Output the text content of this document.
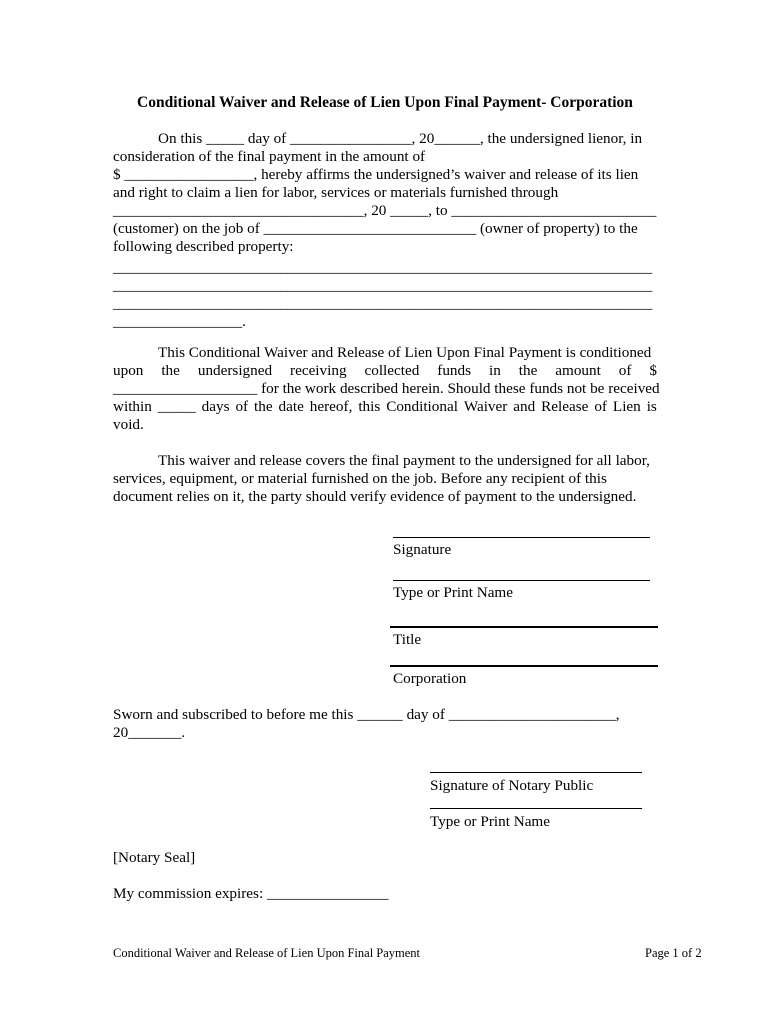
Conditional Waiver and Release of Lien Upon Final Payment- Corporation
On this _____ day of ________________, 20______, the undersigned lienor, in
consideration of the final payment in the amount of
$ _________________, hereby affirms the undersigned’s waiver and release of its lien
and right to claim a lien for labor, services or materials furnished through
_________________________________, 20 _____, to ___________________________
(customer) on the job of ____________________________ (owner of property) to the
following described property:
_______________________________________________________________________
_______________________________________________________________________
_______________________________________________________________________
_________________.
This Conditional Waiver and Release of Lien Upon Final Payment is conditioned
upon the undersigned receiving collected funds in the amount of $
___________________ for the work described herein. Should these funds not be received
within _____ days of the date hereof, this Conditional Waiver and Release of Lien is
void.
This waiver and release covers the final payment to the undersigned for all labor,
services, equipment, or material furnished on the job. Before any recipient of this
document relies on it, the party should verify evidence of payment to the undersigned.
Signature
Type or Print Name
Title
Corporation
Sworn and subscribed to before me this ______ day of ______________________,
20_______.
Signature of Notary Public
Type or Print Name
[Notary Seal]
My commission expires: ________________
Conditional Waiver and Release of Lien Upon Final Payment	Page 1 of 2
